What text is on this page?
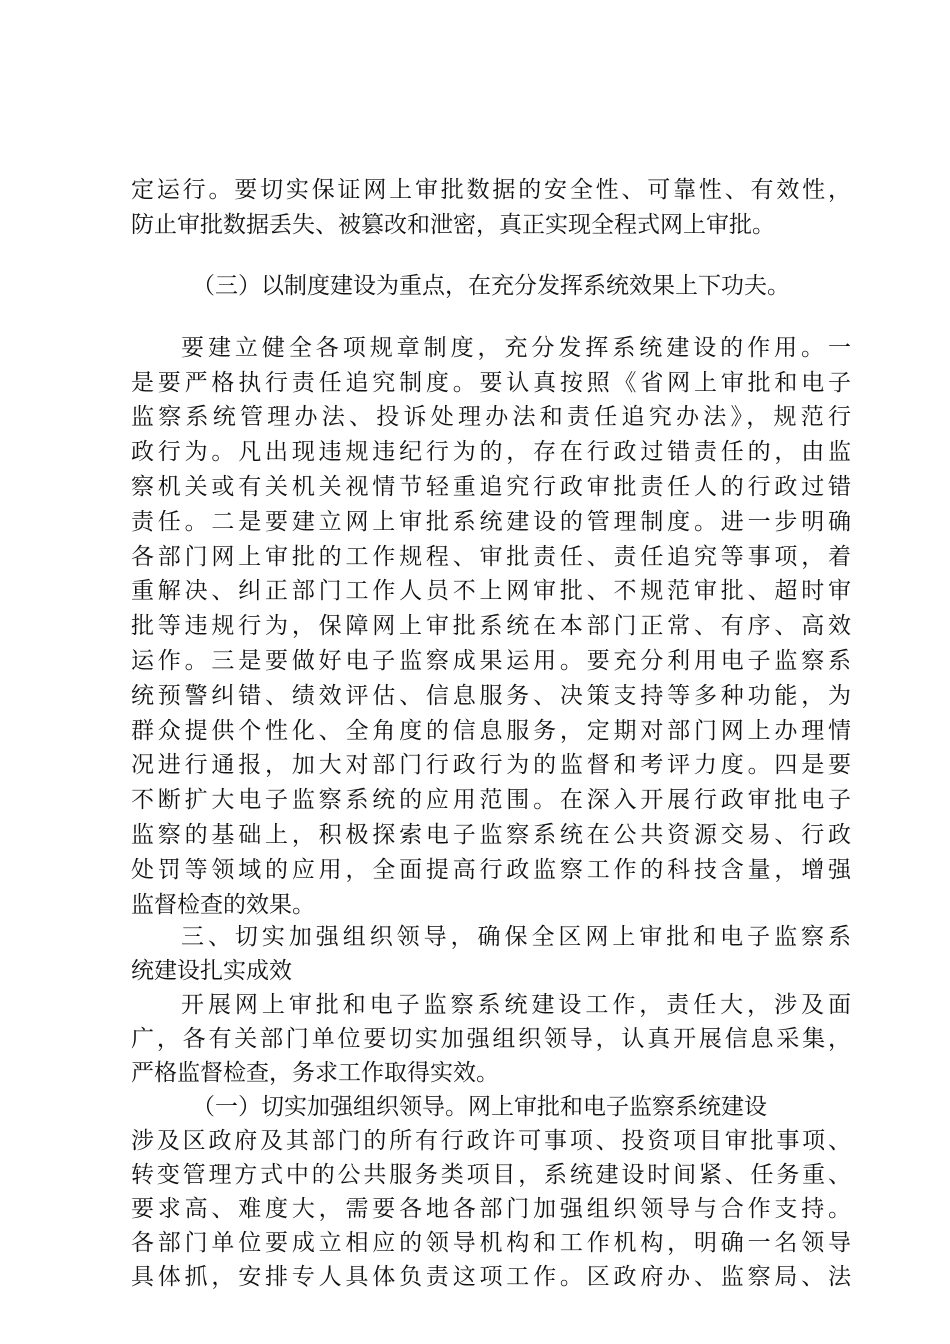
定运行。要切实保证网上审批数据的安全性、可靠性、有效性，
防止审批数据丢失、被篡改和泄密，真正实现全程式网上审批。
（三）以制度建设为重点，在充分发挥系统效果上下功夫。
要建立健全各项规章制度，充分发挥系统建设的作用。一
是要严格执行责任追究制度。要认真按照《省网上审批和电子
监察系统管理办法、投诉处理办法和责任追究办法》，规范行
政行为。凡出现违规违纪行为的，存在行政过错责任的，由监
察机关或有关机关视情节轻重追究行政审批责任人的行政过错
责任。二是要建立网上审批系统建设的管理制度。进一步明确
各部门网上审批的工作规程、审批责任、责任追究等事项，着
重解决、纠正部门工作人员不上网审批、不规范审批、超时审
批等违规行为，保障网上审批系统在本部门正常、有序、高效
运作。三是要做好电子监察成果运用。要充分利用电子监察系
统预警纠错、绩效评估、信息服务、决策支持等多种功能，为
群众提供个性化、全角度的信息服务，定期对部门网上办理情
况进行通报，加大对部门行政行为的监督和考评力度。四是要
不断扩大电子监察系统的应用范围。在深入开展行政审批电子
监察的基础上，积极探索电子监察系统在公共资源交易、行政
处罚等领域的应用，全面提高行政监察工作的科技含量，增强
监督检查的效果。
三、切实加强组织领导，确保全区网上审批和电子监察系
统建设扎实成效
开展网上审批和电子监察系统建设工作，责任大，涉及面
广，各有关部门单位要切实加强组织领导，认真开展信息采集，
严格监督检查，务求工作取得实效。
（一）切实加强组织领导。网上审批和电子监察系统建设
涉及区政府及其部门的所有行政许可事项、投资项目审批事项、
转变管理方式中的公共服务类项目，系统建设时间紧、任务重、
要求高、难度大，需要各地各部门加强组织领导与合作支持。
各部门单位要成立相应的领导机构和工作机构，明确一名领导
具体抓，安排专人具体负责这项工作。区政府办、监察局、法
